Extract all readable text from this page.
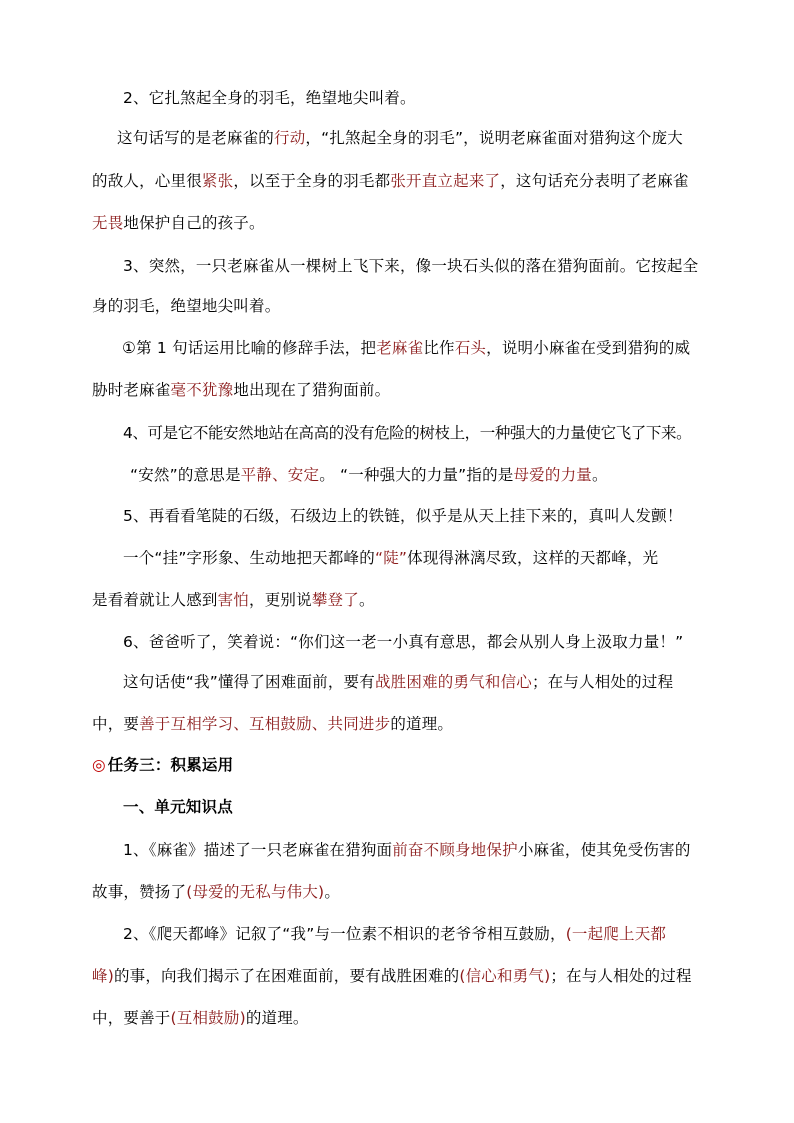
2、它扎煞起全身的羽毛，绝望地尖叫着。
这句话写的是老麻雀的行动，“扎煞起全身的羽毛”，说明老麻雀面对猎狗这个庞大
的敌人，心里很紧张，以至于全身的羽毛都张开直立起来了，这句话充分表明了老麻雀
无畏地保护自己的孩子。
3、突然，一只老麻雀从一棵树上飞下来，像一块石头似的落在猎狗面前。它按起全
身的羽毛，绝望地尖叫着。
①第 1 句话运用比喻的修辞手法，把老麻雀比作石头，说明小麻雀在受到猎狗的威
胁时老麻雀毫不犹豫地出现在了猎狗面前。
4、可是它不能安然地站在高高的没有危险的树枝上，一种强大的力量使它飞了下来。
“安然”的意思是平静、安定。 “一种强大的力量”指的是母爱的力量。
5、再看看笔陡的石级，石级边上的铁链，似乎是从天上挂下来的，真叫人发颤！
一个“挂”字形象、生动地把天都峰的“陡”体现得淋漓尽致，这样的天都峰，光
是看着就让人感到害怕，更别说攀登了。
6、爸爸听了，笑着说：“你们这一老一小真有意思，都会从别人身上汲取力量！”
这句话使“我”懂得了困难面前，要有战胜困难的勇气和信心；在与人相处的过程
中，要善于互相学习、互相鼓励、共同进步的道理。
◎ 任务三：积累运用
一、单元知识点
1、《麻雀》描述了一只老麻雀在猎狗面前奋不顾身地保护小麻雀，使其免受伤害的
故事，赞扬了(母爱的无私与伟大)。
2、《爬天都峰》记叙了“我”与一位素不相识的老爷爷相互鼓励，(一起爬上天都
峰)的事，向我们揭示了在困难面前，要有战胜困难的(信心和勇气)；在与人相处的过程
中，要善于(互相鼓励)的道理。
